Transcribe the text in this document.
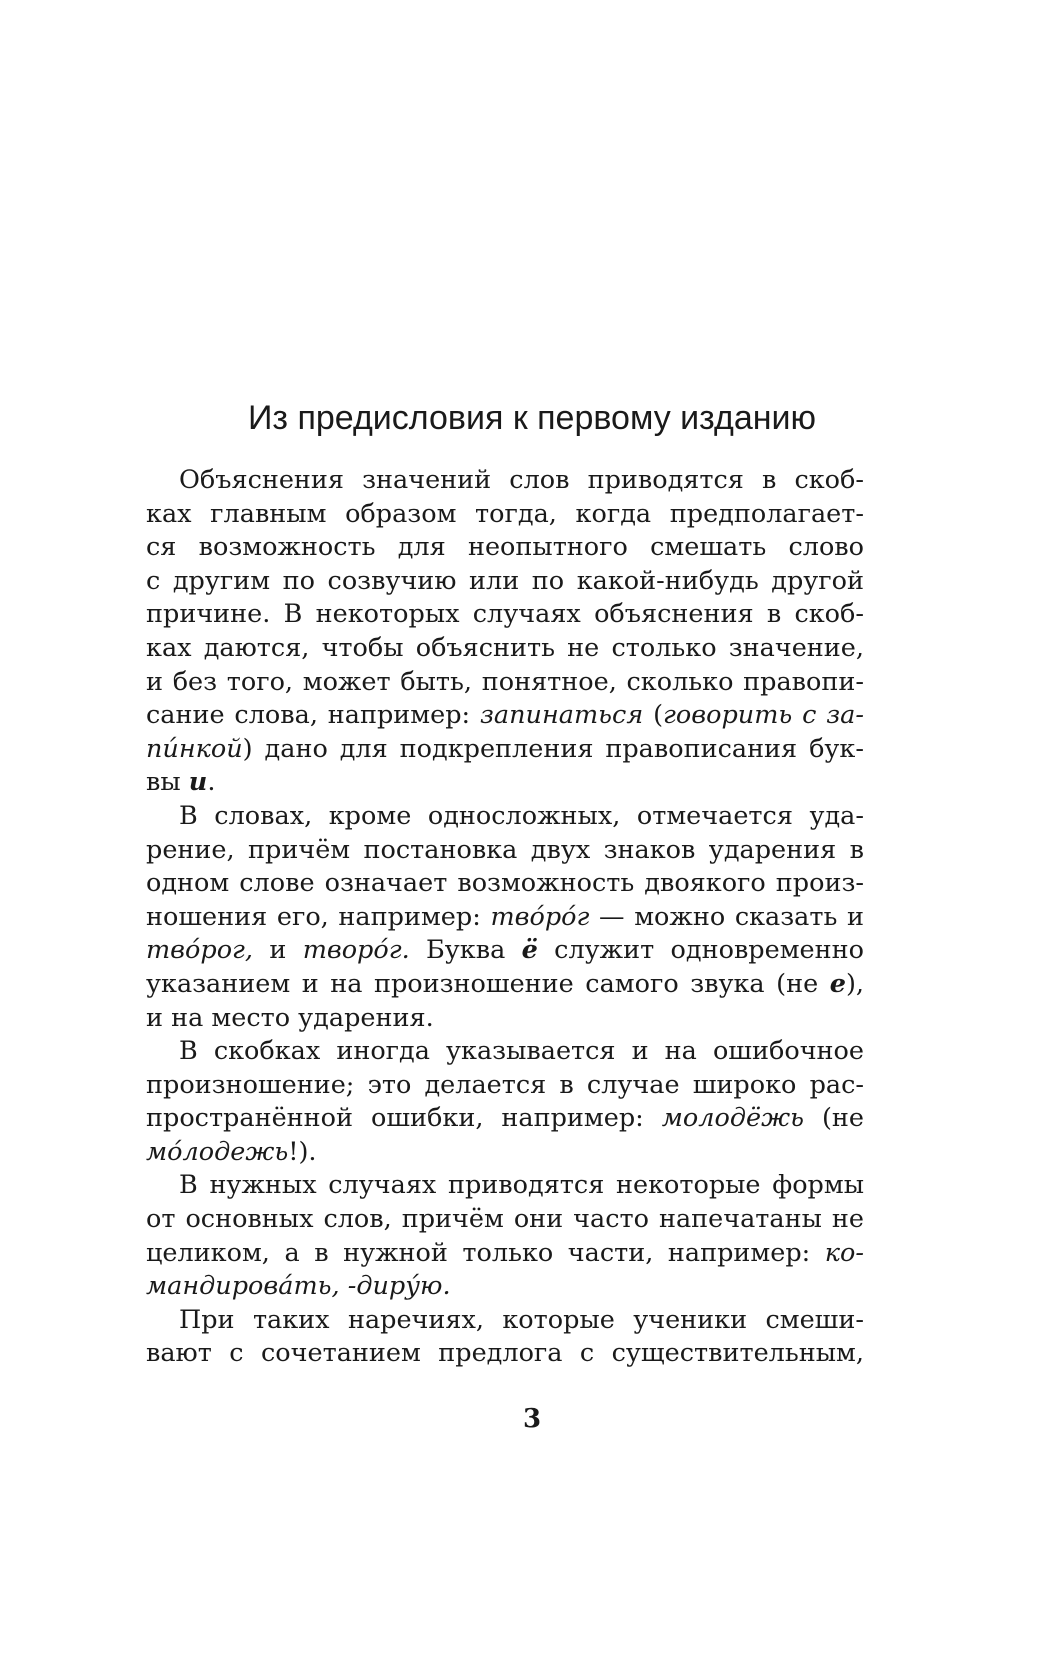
Из предисловия к первому изданию
Объяснения значений слов приводятся в скоб-
ках главным образом тогда, когда предполагает-
ся возможность для неопытного смешать слово
с другим по созвучию или по какой-нибудь другой
причине. В некоторых случаях объяснения в скоб-
ках даются, чтобы объяснить не столько значение,
и без того, может быть, понятное, сколько правопи-
сание слова, например: запинаться (говорить с за-
пи́нкой) дано для подкрепления правописания бук-
вы и.
В словах, кроме односложных, отмечается уда-
рение, причём постановка двух знаков ударения в
одном слове означает возможность двоякого произ-
ношения его, например: тво́ро́г — можно сказать и
тво́рог, и творо́г. Буква ё служит одновременно
указанием и на произношение самого звука (не е),
и на место ударения.
В скобках иногда указывается и на ошибочное
произношение; это делается в случае широко рас-
пространённой ошибки, например: молодёжь (не
мо́лодежь!).
В нужных случаях приводятся некоторые формы
от основных слов, причём они часто напечатаны не
целиком, а в нужной только части, например: ко-
мандирова́ть, -диру́ю.
При таких наречиях, которые ученики смеши-
вают с сочетанием предлога с существительным,
3
